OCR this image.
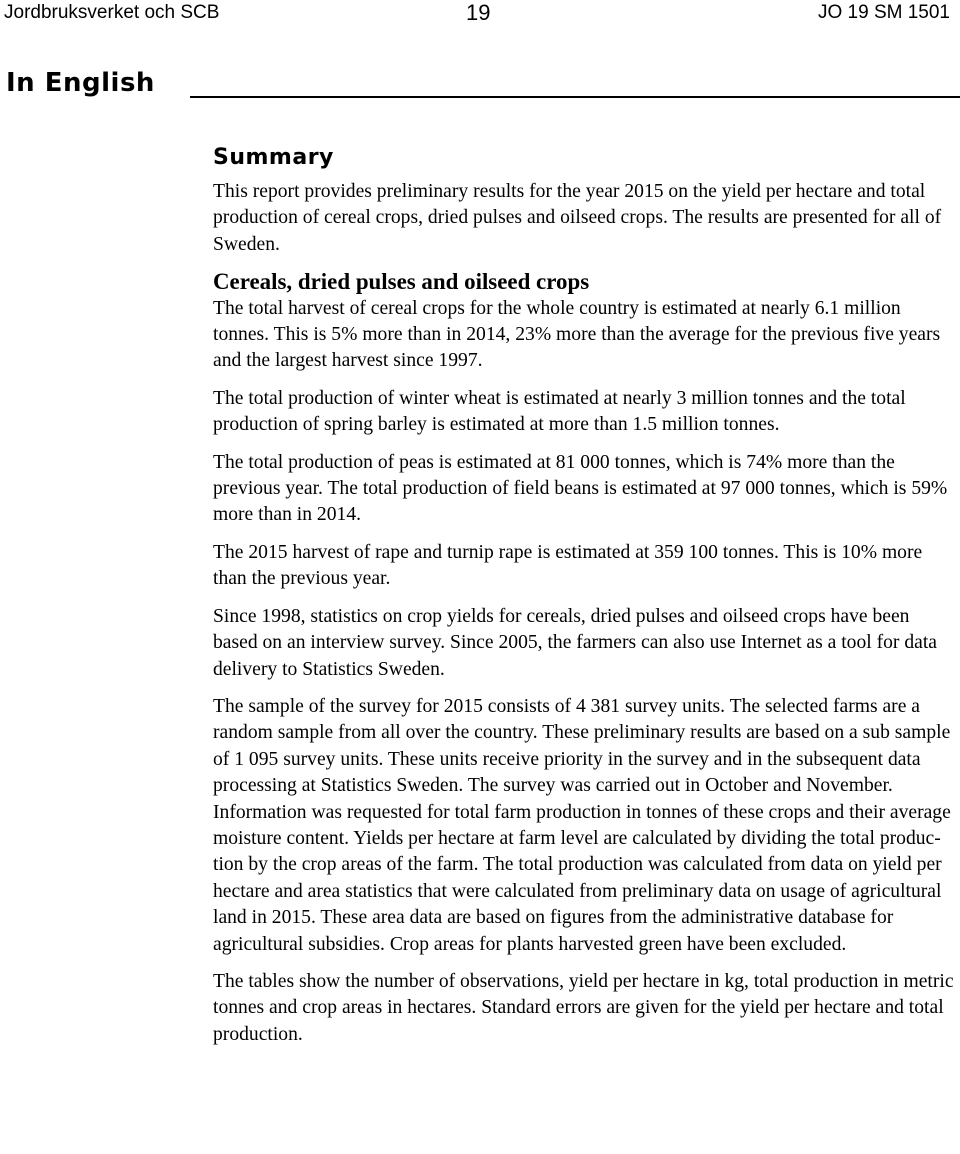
Jordbruksverket och SCB	19	JO 19 SM 1501
In English
Summary

This report provides preliminary results for the year 2015 on the yield per hectare and total production of cereal crops, dried pulses and oilseed crops. The results are presented for all of Sweden.

Cereals, dried pulses and oilseed crops

The total harvest of cereal crops for the whole country is estimated at nearly 6.1 million tonnes. This is 5% more than in 2014, 23% more than the average for the previous five years and the largest harvest since 1997.

The total production of winter wheat is estimated at nearly 3 million tonnes and the total production of spring barley is estimated at more than 1.5 million tonnes.

The total production of peas is estimated at 81 000 tonnes, which is 74% more than the previous year. The total production of field beans is estimated at 97 000 tonnes, which is 59% more than in 2014.

The 2015 harvest of rape and turnip rape is estimated at 359 100 tonnes. This is 10% more than the previous year.

Since 1998, statistics on crop yields for cereals, dried pulses and oilseed crops have been based on an interview survey. Since 2005, the farmers can also use Internet as a tool for data delivery to Statistics Sweden.

The sample of the survey for 2015 consists of 4 381 survey units. The selected farms are a random sample from all over the country. These preliminary results are based on a sub sample of 1 095 survey units. These units receive priority in the survey and in the subsequent data processing at Statistics Sweden. The survey was carried out in October and November. Information was requested for total farm production in tonnes of these crops and their average moisture content. Yields per hectare at farm level are calculated by dividing the total production by the crop areas of the farm. The total production was calculated from data on yield per hectare and area statistics that were calculated from preliminary data on usage of agricultural land in 2015. These area data are based on figures from the administrative database for agricultural subsidies. Crop areas for plants harvested green have been excluded.

The tables show the number of observations, yield per hectare in kg, total production in metric tonnes and crop areas in hectares. Standard errors are given for the yield per hectare and total production.
